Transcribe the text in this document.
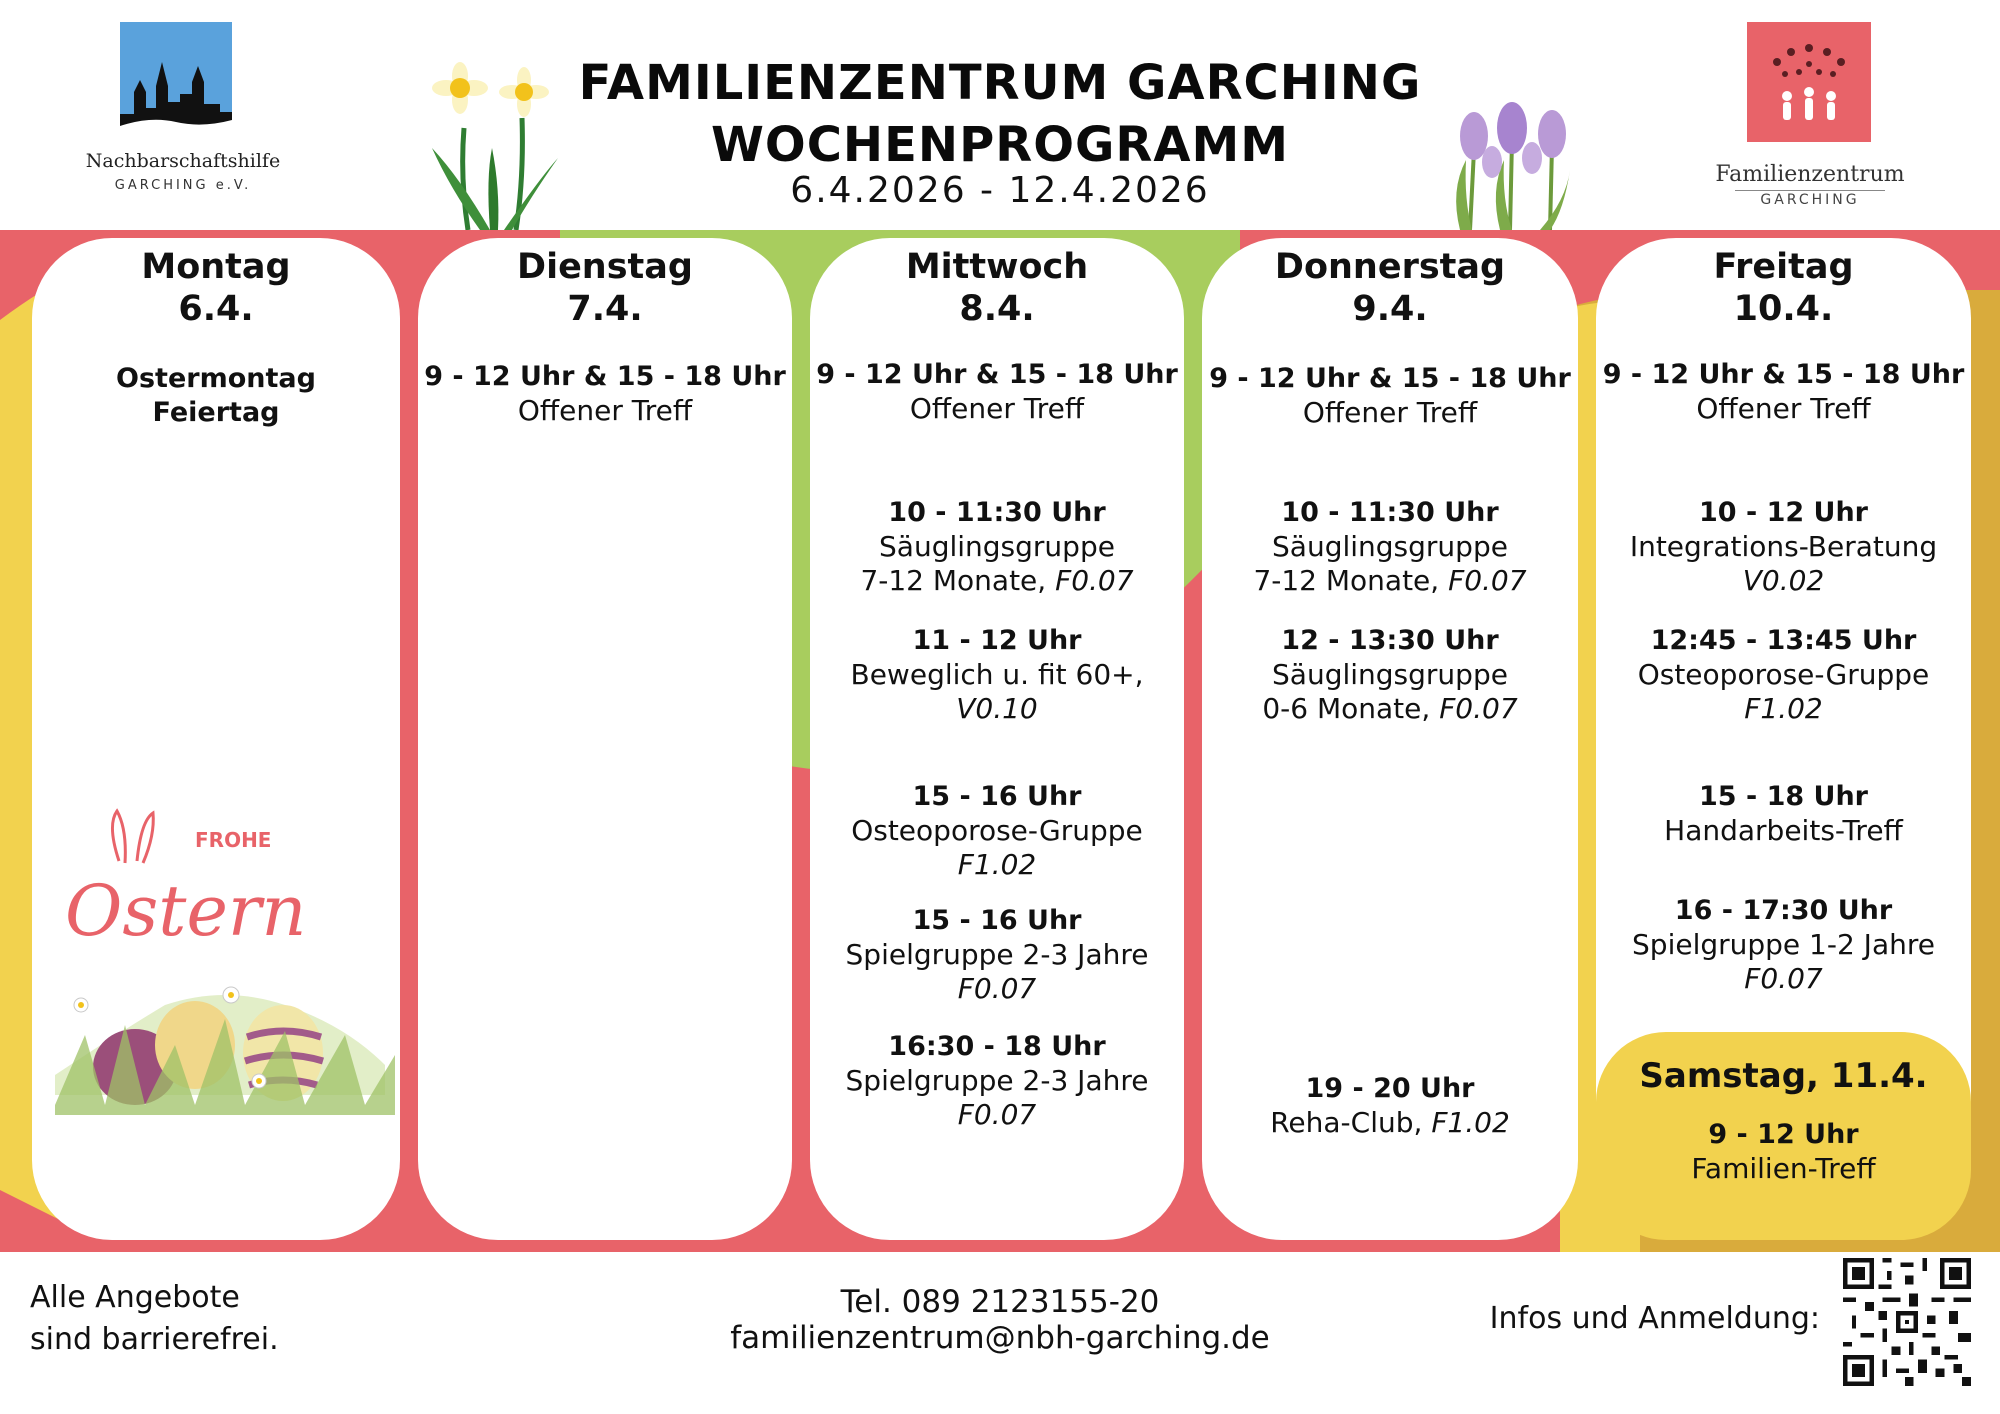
Nachbarschaftshilfe
GARCHING e.V.
FAMILIENZENTRUM GARCHING
WOCHENPROGRAMM
6.4.2026 - 12.4.2026	Familienzentrum
GARCHING
Montag
6.4.
Ostermontag
Feiertag
FROHE
Ostern
Dienstag
7.4.
9 - 12 Uhr & 15 - 18 Uhr
Offener Treff
Mittwoch
8.4.
9 - 12 Uhr & 15 - 18 Uhr
Offener Treff
10 - 11:30 Uhr
Säuglingsgruppe
7-12 Monate, F0.07
11 - 12 Uhr
Beweglich u. fit 60+, V0.10
15 - 16 Uhr
Osteoporose-Gruppe
F1.02
15 - 16 Uhr
Spielgruppe 2-3 Jahre
F0.07
16:30 - 18 Uhr
Spielgruppe 2-3 Jahre
F0.07
Donnerstag
9.4.
9 - 12 Uhr & 15 - 18 Uhr
Offener Treff
10 - 11:30 Uhr
Säuglingsgruppe
7-12 Monate, F0.07
12 - 13:30 Uhr
Säuglingsgruppe
0-6 Monate, F0.07
19 - 20 Uhr
Reha-Club, F1.02
Freitag
10.4.
9 - 12 Uhr & 15 - 18 Uhr
Offener Treff
10 - 12 Uhr
Integrations-Beratung
V0.02
12:45 - 13:45 Uhr
Osteoporose-Gruppe
F1.02
15 - 18 Uhr
Handarbeits-Treff
16 - 17:30 Uhr
Spielgruppe 1-2 Jahre
F0.07
Samstag, 11.4.
9 - 12 Uhr
Familien-Treff
Alle Angebote
sind barrierefrei.
Tel. 089 2123155-20
familienzentrum@nbh-garching.de
Infos und Anmeldung:
